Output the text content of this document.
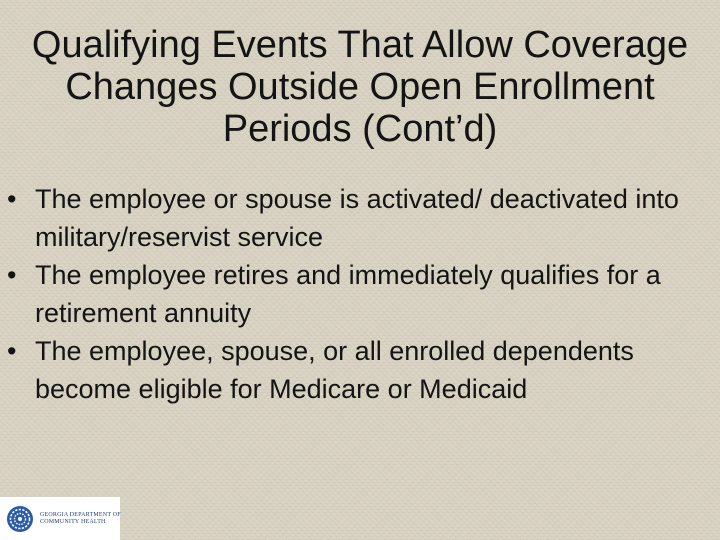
Qualifying Events That Allow Coverage Changes Outside Open Enrollment Periods (Cont’d)
• The employee or spouse is activated/ deactivated into military/reservist service
• The employee retires and immediately qualifies for a retirement annuity
• The employee, spouse, or all enrolled dependents become eligible for Medicare or Medicaid
GEORGIA DEPARTMENT OF
COMMUNITY HEALTH
